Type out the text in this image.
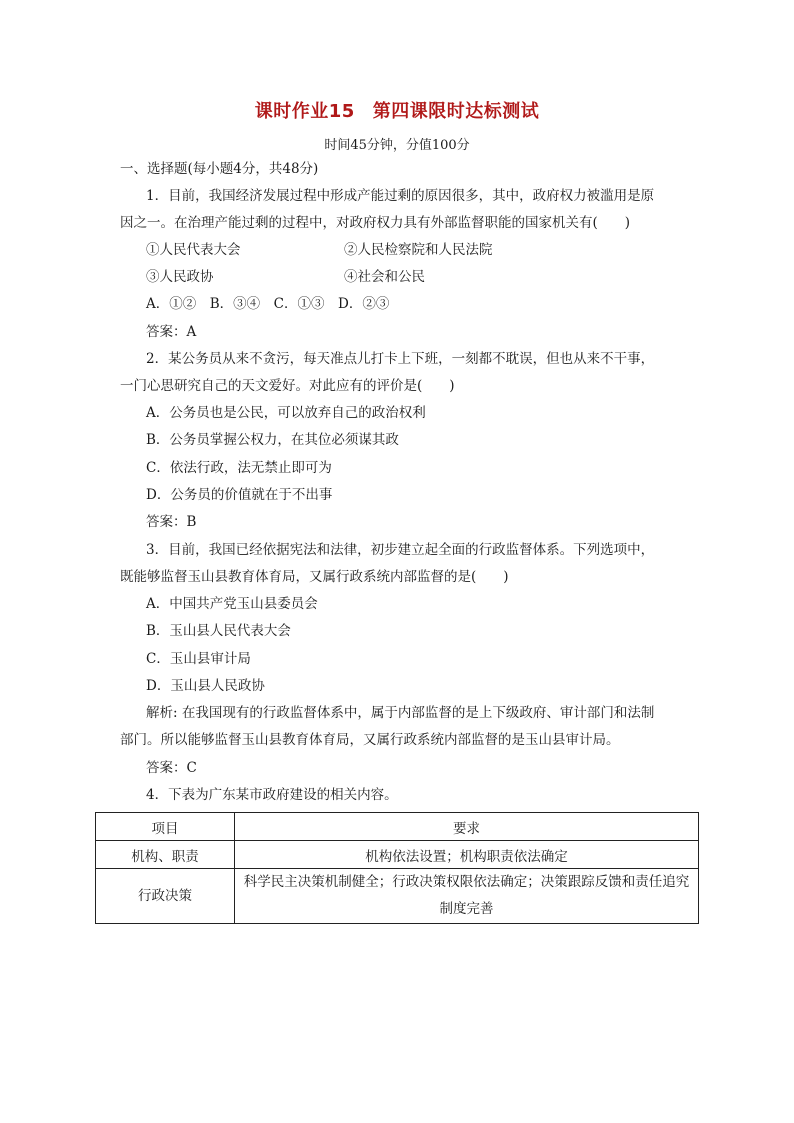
课时作业15 第四课限时达标测试
时间45分钟，分值100分
一、选择题(每小题4分，共48分)
1．目前，我国经济发展过程中形成产能过剩的原因很多，其中，政府权力被滥用是原
因之一。在治理产能过剩的过程中，对政府权力具有外部监督职能的国家机关有(　　)
①人民代表大会	②人民检察院和人民法院
③人民政协	④社会和公民
A．①②　B．③④　C．①③　D．②③
答案：A
2．某公务员从来不贪污，每天准点儿打卡上下班，一刻都不耽误，但也从来不干事，
一门心思研究自己的天文爱好。对此应有的评价是(　　)
A．公务员也是公民，可以放弃自己的政治权利
B．公务员掌握公权力，在其位必须谋其政
C．依法行政，法无禁止即可为
D．公务员的价值就在于不出事
答案：B
3．目前，我国已经依据宪法和法律，初步建立起全面的行政监督体系。下列选项中，
既能够监督玉山县教育体育局，又属行政系统内部监督的是(　　)
A．中国共产党玉山县委员会
B．玉山县人民代表大会
C．玉山县审计局
D．玉山县人民政协
解析: 在我国现有的行政监督体系中，属于内部监督的是上下级政府、审计部门和法制
部门。所以能够监督玉山县教育体育局，又属行政系统内部监督的是玉山县审计局。
答案：C
4．下表为广东某市政府建设的相关内容。
项目	要求
机构、职责	机构依法设置；机构职责依法确定
行政决策	科学民主决策机制健全；行政决策权限依法确定；决策跟踪反馈和责任追究制度完善
